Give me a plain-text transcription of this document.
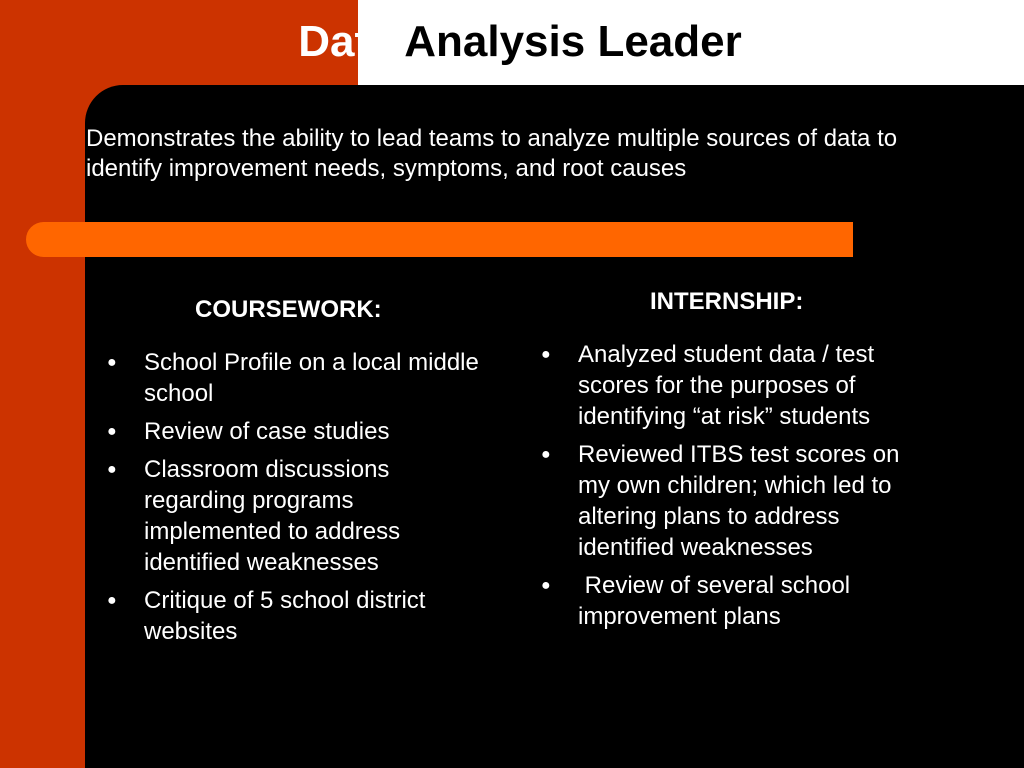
Data Analysis Leader

Demonstrates the ability to lead teams to analyze multiple sources of data to identify improvement needs, symptoms, and root causes

COURSEWORK:	INTERNSHIP:
● School Profile on a local middle school
● Review of case studies
● Classroom discussions regarding programs implemented to address identified weaknesses
● Critique of 5 school district websites
● Analyzed student data / test scores for the purposes of identifying “at risk” students
● Reviewed ITBS test scores on my own children; which led to altering plans to address identified weaknesses
● Review of several school improvement plans
